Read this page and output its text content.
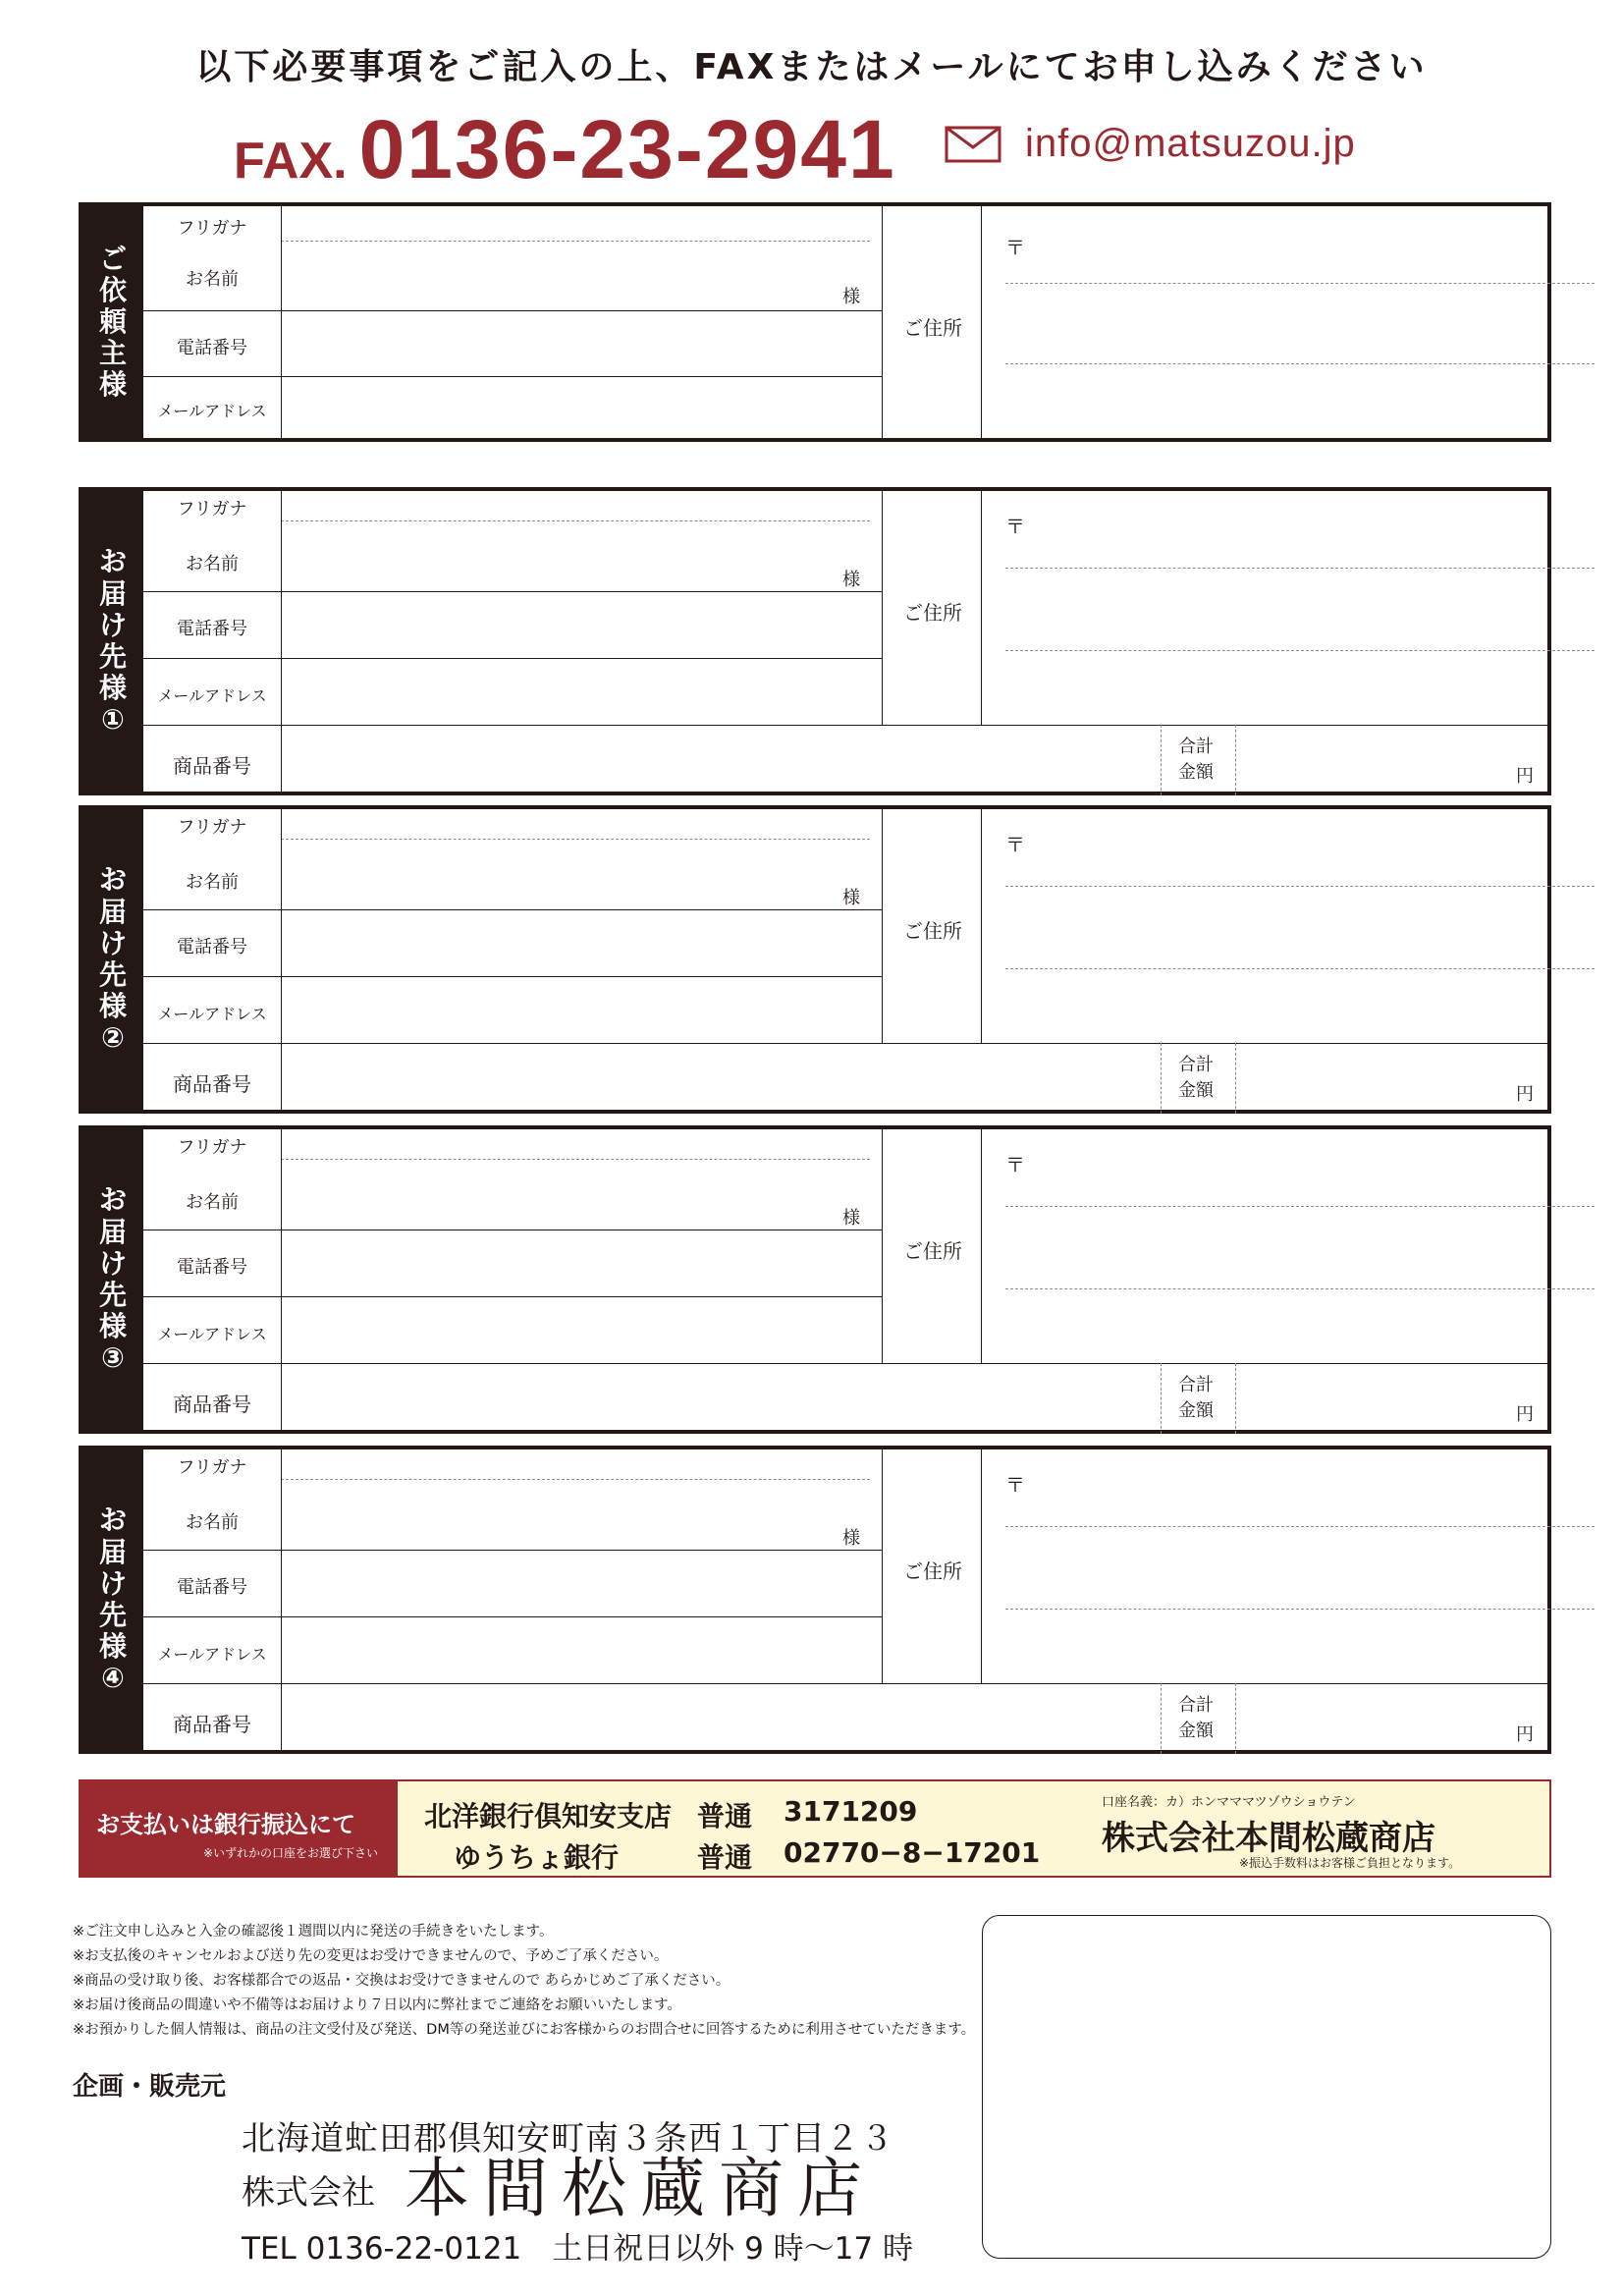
以下必要事項をご記入の上、FAXまたはメールにてお申し込みください
FAX. 0136-23-2941	info@matsuzou.jp
ご
依
頼
主
様
フリガナ
お名前
様
電話番号
メールアドレス
ご住所
〒
お
届
け
先
様
①
フリガナ
お名前
様
電話番号
メールアドレス
ご住所
〒
商品番号
合計
金額	円
お
届
け
先
様
②
フリガナ
お名前
様
電話番号
メールアドレス
ご住所
〒
商品番号
合計
金額	円
お
届
け
先
様
③
フリガナ
お名前
様
電話番号
メールアドレス
ご住所
〒
商品番号
合計
金額	円
お
届
け
先
様
④
フリガナ
お名前
様
電話番号
メールアドレス
ご住所
〒
商品番号
合計
金額	円
お支払いは銀行振込にて
※いずれかの口座をお選び下さい
北洋銀行倶知安支店 普通 3171209
ゆうちょ銀行	普通 02770−8−17201
口座名義：カ）ホンマママツゾウショウテン
株式会社本間松蔵商店
※振込手数料はお客様ご負担となります。
※ご注文申し込みと入金の確認後１週間以内に発送の手続きをいたします。
※お支払後のキャンセルおよび送り先の変更はお受けできませんので、予めご了承ください。
※商品の受け取り後、お客様都合での返品・交換はお受けできませんので あらかじめご了承ください。
※お届け後商品の間違いや不備等はお届けより７日以内に弊社までご連絡をお願いいたします。
※お預かりした個人情報は、商品の注文受付及び発送、DM等の発送並びにお客様からのお問合せに回答するために利用させていただきます。
企画・販売元
北海道虻田郡倶知安町南３条西１丁目２３
株式会社 本間松蔵商店
TEL 0136-22-0121　土日祝日以外 9 時〜17 時
